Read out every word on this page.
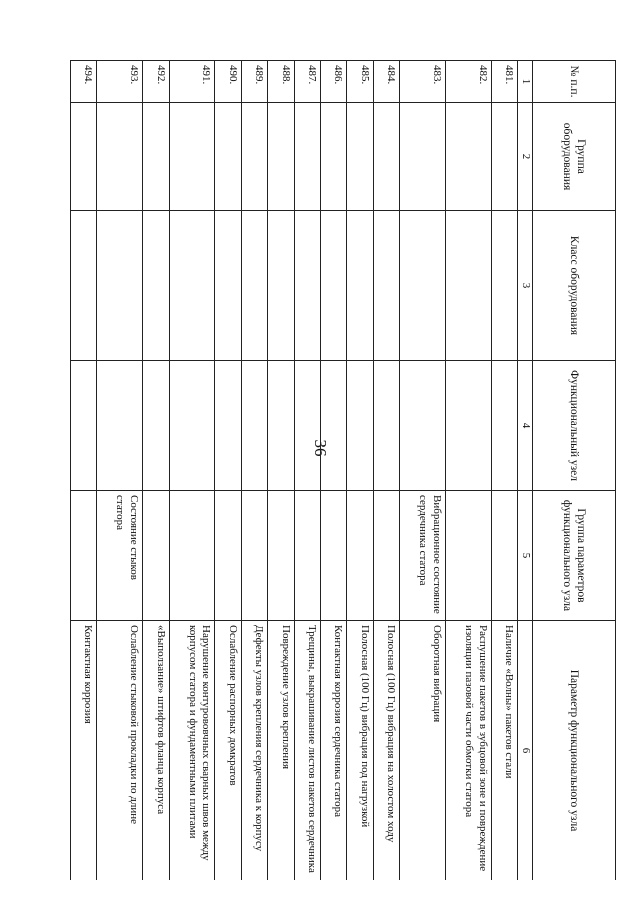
36
№ п.п.	Группа оборудования	Класс оборудования	Функциональный узел	Группа параметров функционального узла	Параметр функционального узла
1	2	3	4	5	6
481.					Наличие «Волны» пакетов стали
482.					Распушение пакетов в зубцовой зоне и повреждение изоляции пазовой части обмотки статора
483.				Вибрационное состояние сердечника статора	Оборотная вибрация
484.					Полосная (100 Гц) вибрация на холостом ходу
485.					Полосная (100 Гц) вибрация под нагрузкой
486.					Контактная коррозия сердечника статора
487.					Трещины, выкрашивание листов пакетов сердечника
488.					Повреждение узлов крепления
489.					Дефекты узлов крепления сердечника к корпусу
490.					Ослабление распорных домкратов
491.					Нарушение контурововчных сварных швов между корпусом статора и фундаментными плитами
492.					«Выползание» штифтов фланца корпуса
493.				Состояние стыков статора	Ослабление стыковой прокладки по длине
494.					Контактная коррозия
